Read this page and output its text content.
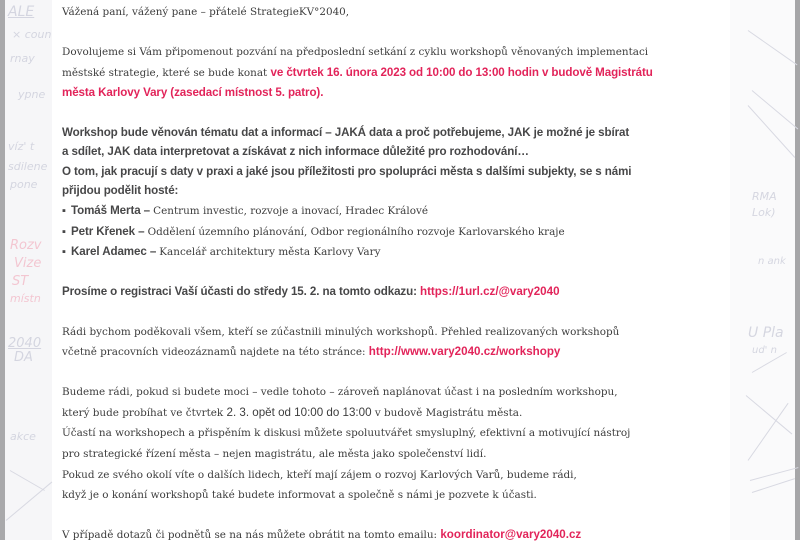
ALE
× coun
rnay
ypne
víz' t
sdilene
pone
Rozv
Vize
ST
místn
2040
DA
akce
RMA
Lok)
n ank
U Pla
ud' n

Vážená paní, vážený pane – přátelé StrategieKV°2040,

Dovolujeme si Vám připomenout pozvání na předposlední setkání z cyklu workshopů věnovaných implementaci
městské strategie, které se bude konat ve čtvrtek 16. února 2023 od 10:00 do 13:00 hodin v budově Magistrátu
města Karlovy Vary (zasedací místnost 5. patro).

Workshop bude věnován tématu dat a informací – JAKÁ data a proč potřebujeme, JAK je možné je sbírat
a sdílet, JAK data interpretovat a získávat z nich informace důležité pro rozhodování…
O tom, jak pracují s daty v praxi a jaké jsou příležitosti pro spolupráci města s dalšími subjekty, se s námi
přijdou podělit hosté:

▪ Tomáš Merta – Centrum investic, rozvoje a inovací, Hradec Králové
▪ Petr Křenek – Oddělení územního plánování, Odbor regionálního rozvoje Karlovarského kraje
▪ Karel Adamec – Kancelář architektury města Karlovy Vary

Prosíme o registraci Vaší účasti do středy 15. 2. na tomto odkazu: https://1url.cz/@vary2040

Rádi bychom poděkovali všem, kteří se zúčastnili minulých workshopů. Přehled realizovaných workshopů
včetně pracovních videozáznamů najdete na této stránce: http://www.vary2040.cz/workshopy

Budeme rádi, pokud si budete moci – vedle tohoto – zároveň naplánovat účast i na posledním workshopu,
který bude probíhat ve čtvrtek 2. 3. opět od 10:00 do 13:00 v budově Magistrátu města.
Účastí na workshopech a přispěním k diskusi můžete spoluutvářet smysluplný, efektivní a motivující nástroj
pro strategické řízení města – nejen magistrátu, ale města jako společenství lidí.
Pokud ze svého okolí víte o dalších lidech, kteří mají zájem o rozvoj Karlových Varů, budeme rádi,
když je o konání workshopů také budete informovat a společně s námi je pozvete k účasti.

V případě dotazů či podnětů se na nás můžete obrátit na tomto emailu: koordinator@vary2040.cz
